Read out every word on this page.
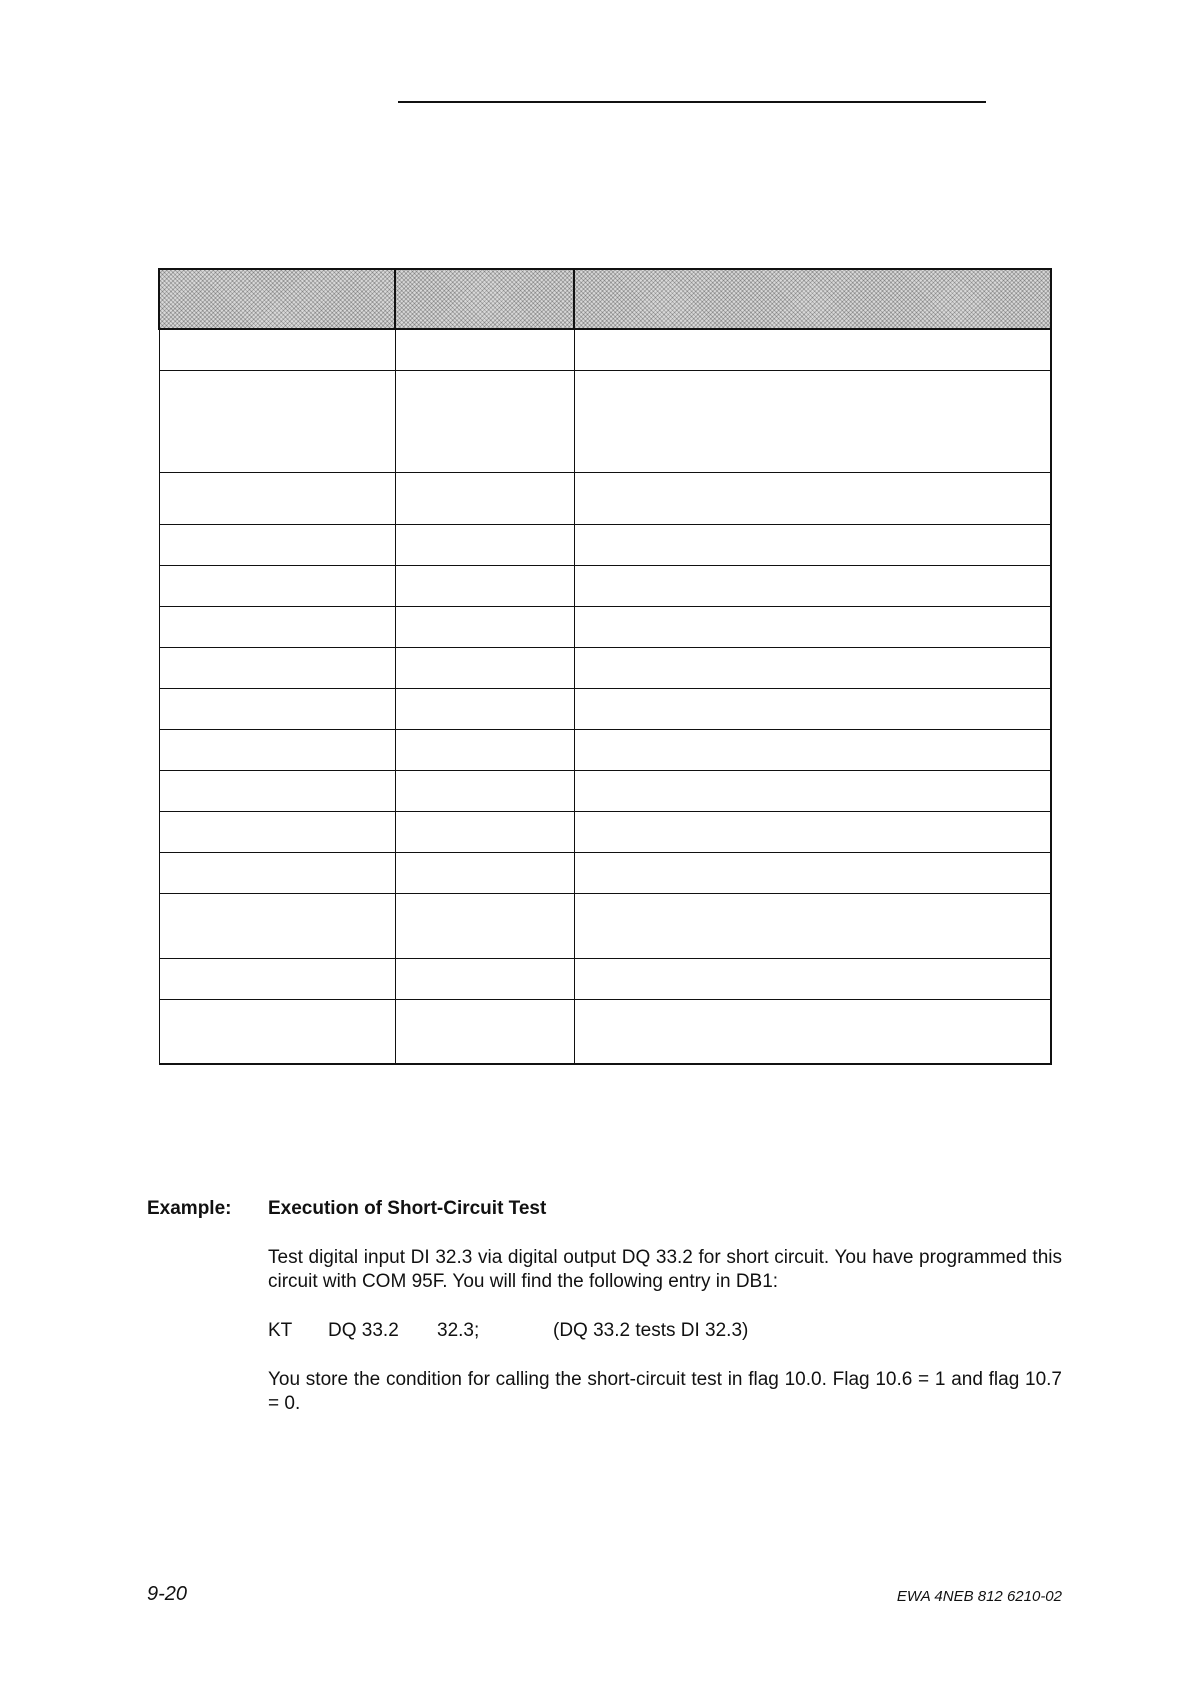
Example: Execution of Short-Circuit Test
Test digital input DI 32.3 via digital output DQ 33.2 for short circuit. You have programmed this circuit with COM 95F. You will find the following entry in DB1:
KT DQ 33.2 32.3;	(DQ 33.2 tests DI 32.3)
You store the condition for calling the short-circuit test in flag 10.0. Flag 10.6 = 1 and flag 10.7 = 0.
9-20	EWA 4NEB 812 6210-02
